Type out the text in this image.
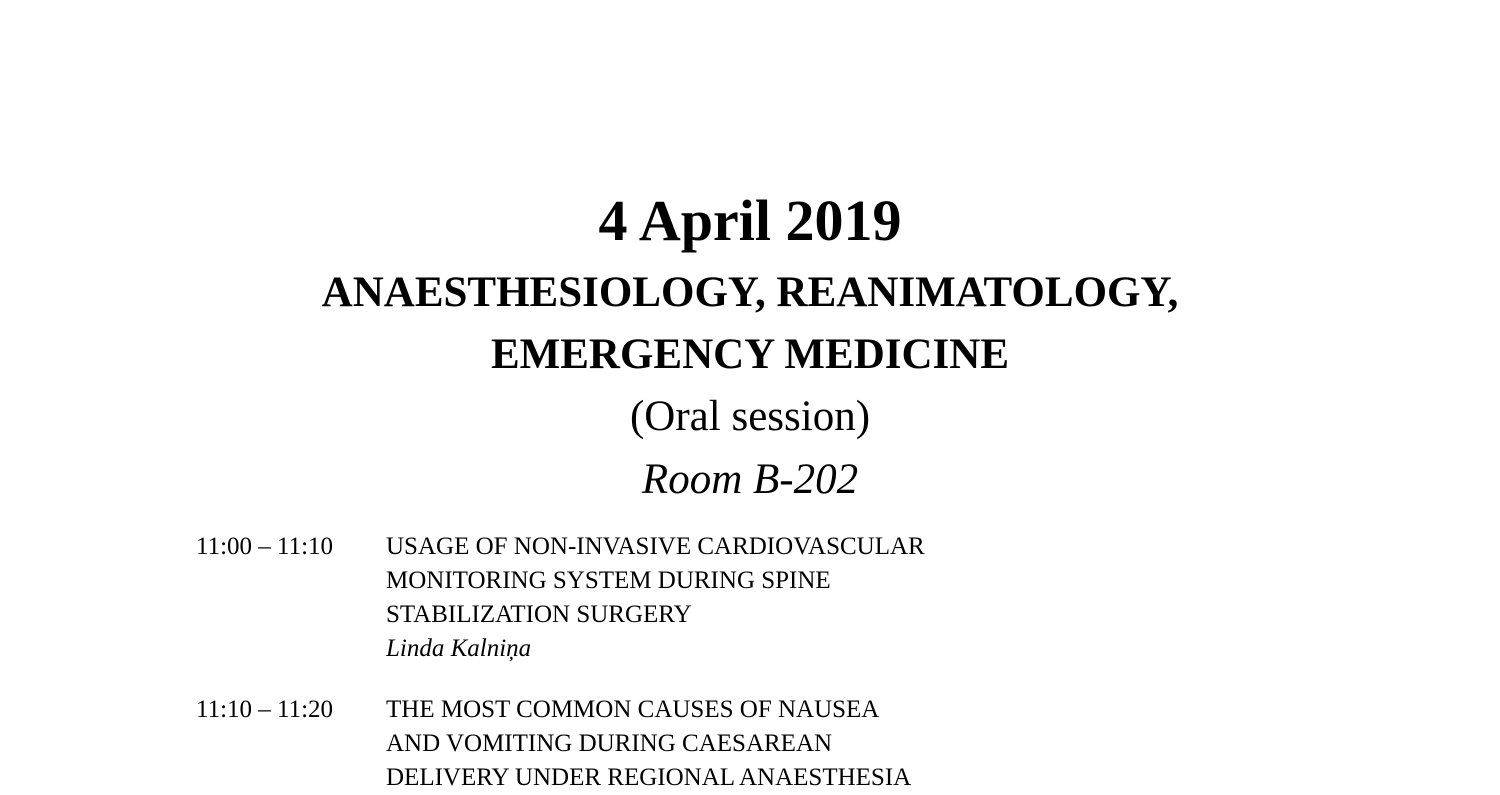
4 April 2019
ANAESTHESIOLOGY, REANIMATOLOGY,
EMERGENCY MEDICINE
(Oral session)
Room B-202
11:00 – 11:10 USAGE OF NON-INVASIVE CARDIOVASCULAR
MONITORING SYSTEM DURING SPINE
STABILIZATION SURGERY
Linda Kalniņa
11:10 – 11:20 THE MOST COMMON CAUSES OF NAUSEA
AND VOMITING DURING CAESAREAN
DELIVERY UNDER REGIONAL ANAESTHESIA
